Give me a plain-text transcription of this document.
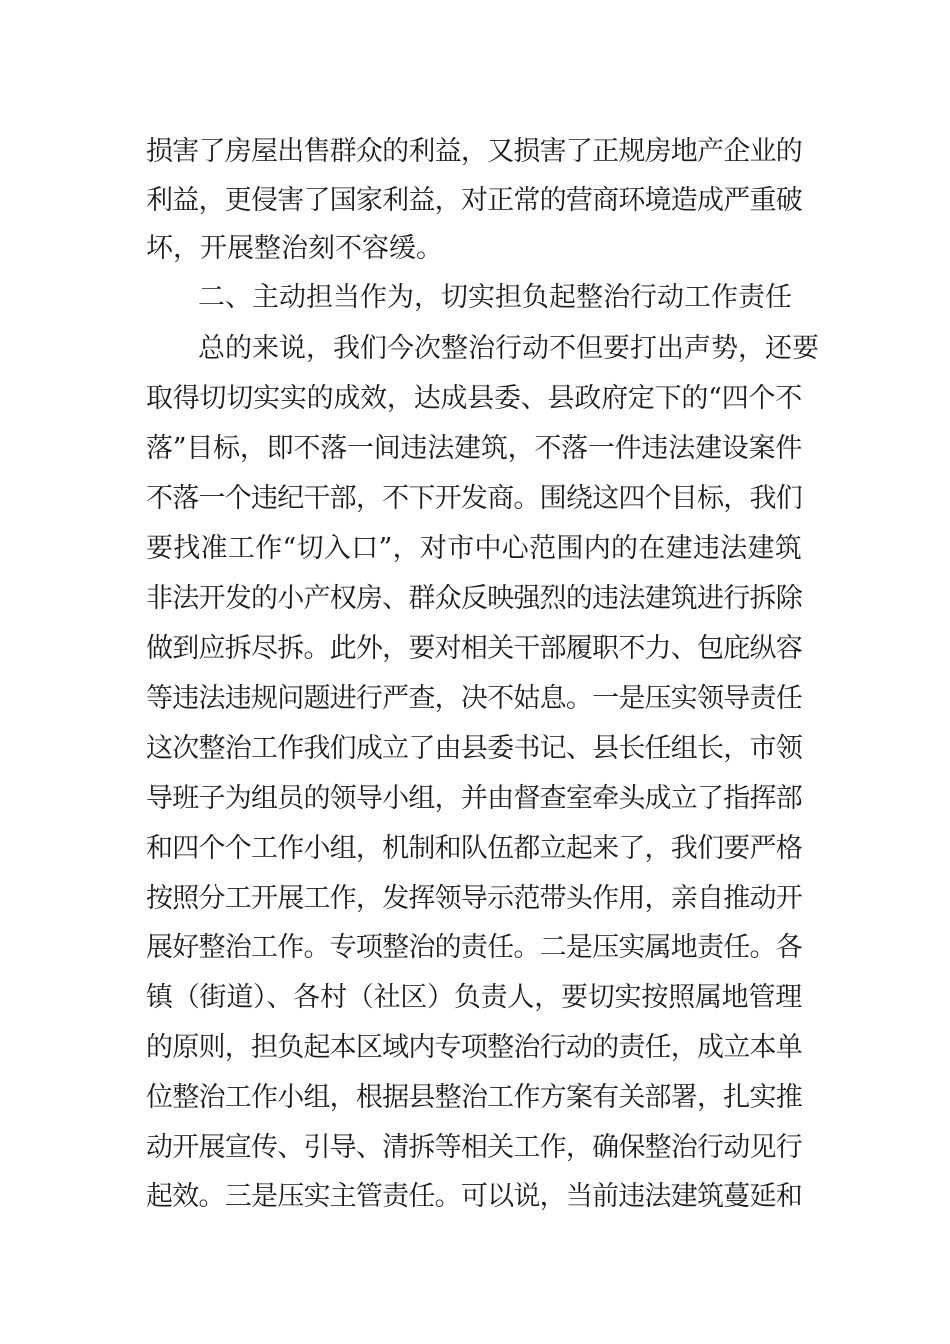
损害了房屋出售群众的利益，又损害了正规房地产企业的
利益，更侵害了国家利益，对正常的营商环境造成严重破
坏，开展整治刻不容缓。
二、主动担当作为，切实担负起整治行动工作责任
总的来说，我们今次整治行动不但要打出声势，还要
取得切切实实的成效，达成县委、县政府定下的“四个不
落”目标，即不落一间违法建筑，不落一件违法建设案件
不落一个违纪干部，不下开发商。围绕这四个目标，我们
要找准工作“切入口”，对市中心范围内的在建违法建筑
非法开发的小产权房、群众反映强烈的违法建筑进行拆除
做到应拆尽拆。此外，要对相关干部履职不力、包庇纵容
等违法违规问题进行严查，决不姑息。一是压实领导责任
这次整治工作我们成立了由县委书记、县长任组长，市领
导班子为组员的领导小组，并由督查室牵头成立了指挥部
和四个个工作小组，机制和队伍都立起来了，我们要严格
按照分工开展工作，发挥领导示范带头作用，亲自推动开
展好整治工作。专项整治的责任。二是压实属地责任。各
镇（街道）、各村（社区）负责人，要切实按照属地管理
的原则，担负起本区域内专项整治行动的责任，成立本单
位整治工作小组，根据县整治工作方案有关部署，扎实推
动开展宣传、引导、清拆等相关工作，确保整治行动见行
起效。三是压实主管责任。可以说，当前违法建筑蔓延和
